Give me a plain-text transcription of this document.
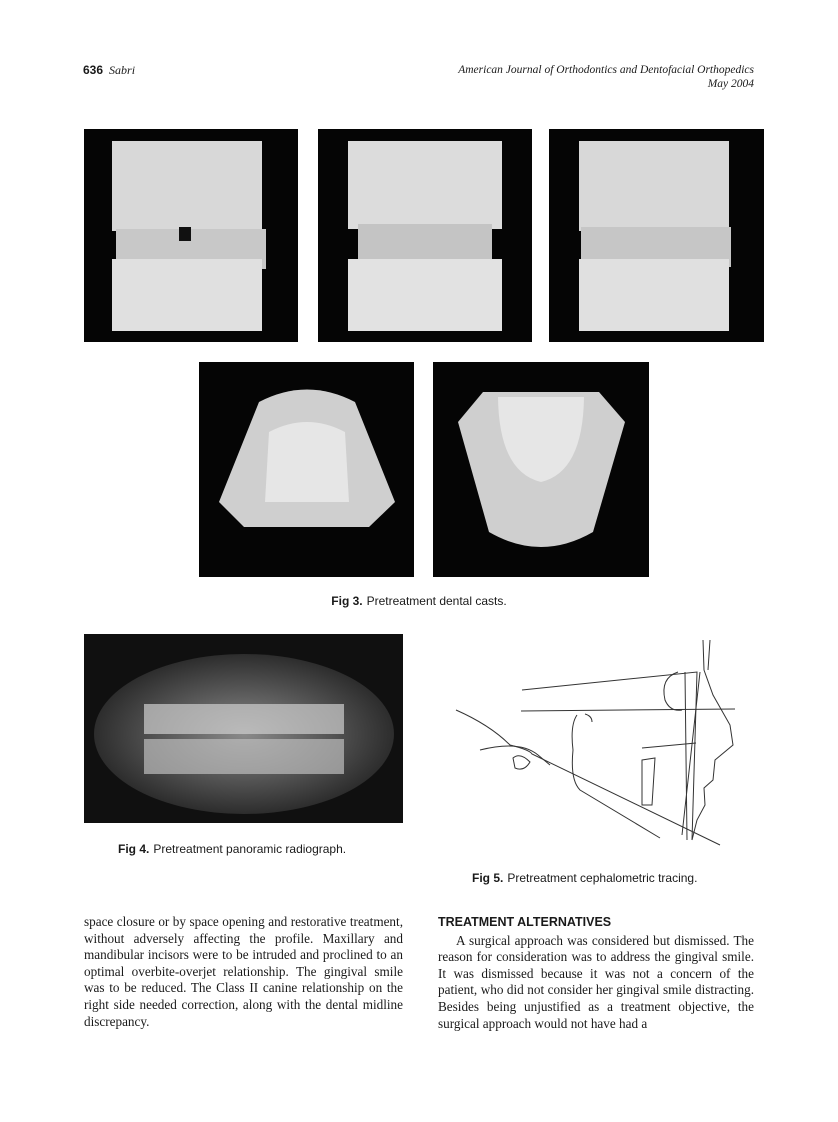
636 Sabri	American Journal of Orthodontics and Dentofacial Orthopedics
May 2004
Fig 3. Pretreatment dental casts.
Fig 4. Pretreatment panoramic radiograph.
Fig 5. Pretreatment cephalometric tracing.

space closure or by space opening and restorative treatment, without adversely affecting the profile. Maxillary and mandibular incisors were to be intruded and proclined to an optimal overbite-overjet relationship. The gingival smile was to be reduced. The Class II canine relationship on the right side needed correction, along with the dental midline discrepancy.

TREATMENT ALTERNATIVES

A surgical approach was considered but dismissed. The reason for consideration was to address the gingival smile. It was dismissed because it was not a concern of the patient, who did not consider her gingival smile distracting. Besides being unjustified as a treatment objective, the surgical approach would not have had a
